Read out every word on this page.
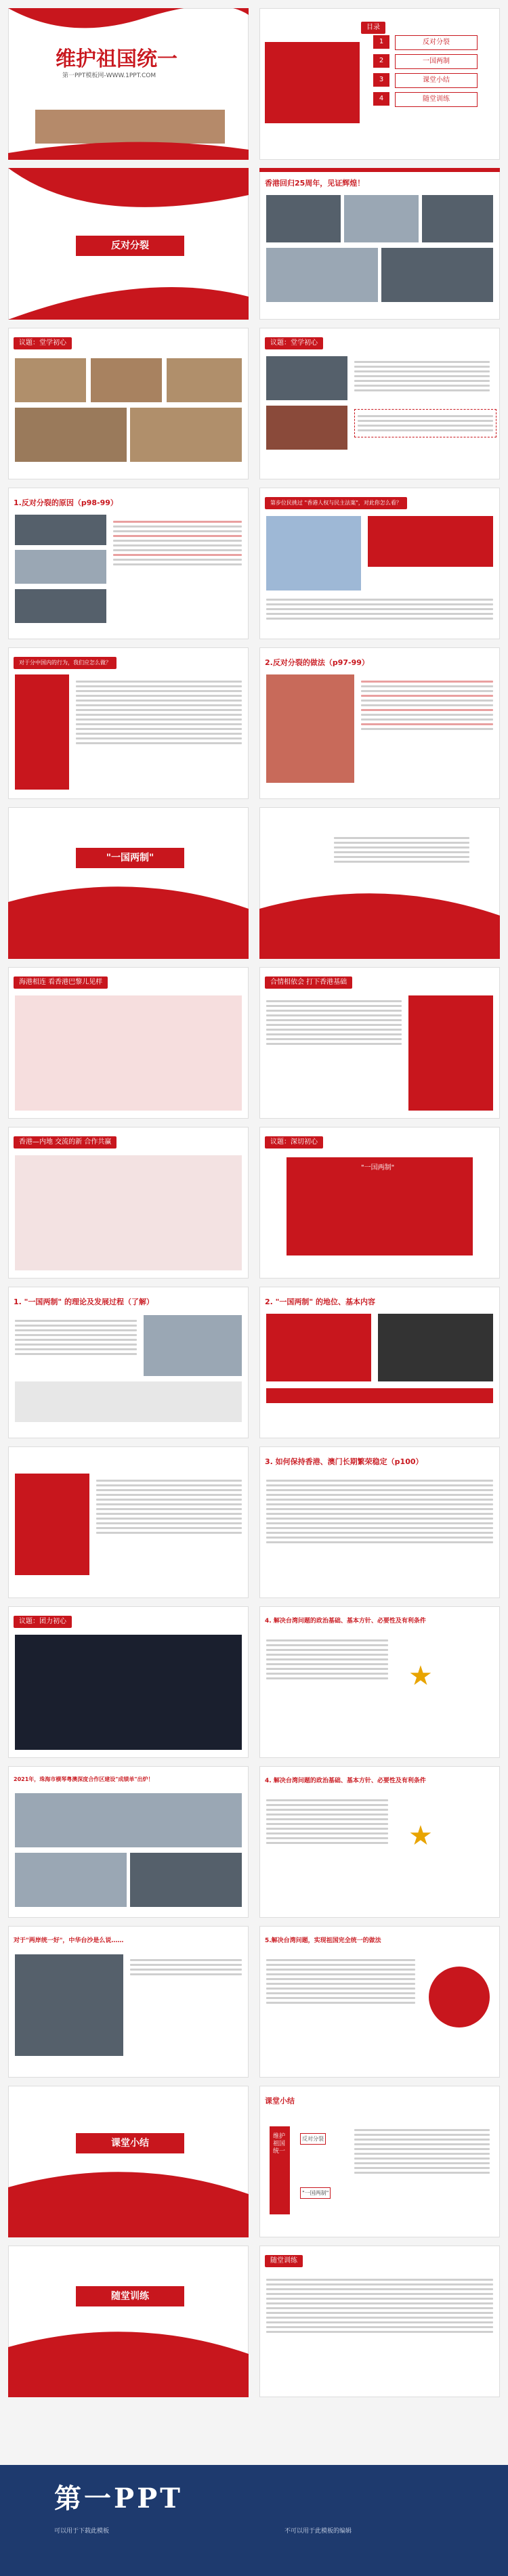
维护祖国统一
第一PPT模板网-WWW.1PPT.COM
目录
1	反对分裂
2	一国两制
3	课堂小结
4	随堂训练
反对分裂
香港回归25周年，见证辉煌！
议题：堂学初心	议题：堂学初心
1.反对分裂的原因（p98-99）	第步位民挑过 "香港人权与民主法案"，对此你怎么看？
对于分中国内的行为，我们应怎么做？	2.反对分裂的做法（p97-99）
"一国两制"
海港相连 看香港巴黎儿见样	合情相依会 打下香港基础
香港—内地 交流的新 合作共赢	议题：深切初心
"一国两制"
1. "一国两制" 的理论及发展过程（了解）	2. "一国两制" 的地位、基本内容
3. 如何保持香港、澳门长期繁荣稳定（p100）
议题：团力初心	4. 解决台湾问题的政治基础、基本方针、必要性及有利条件
★
2021年，珠海市横琴粤澳深度合作区建设"成绩单"出炉！	4. 解决台湾问题的政治基础、基本方针、必要性及有利条件
★
对于"两岸统一好"，中华台沙是么说……	5.解决台湾问题，实现祖国完全统一的做法
课堂小结
课堂小结
维护祖国统一
反对分裂
"一国两制"
随堂训练
随堂训练
第一PPT
可以用于下载此模板	不可以用于此模板的编辑
